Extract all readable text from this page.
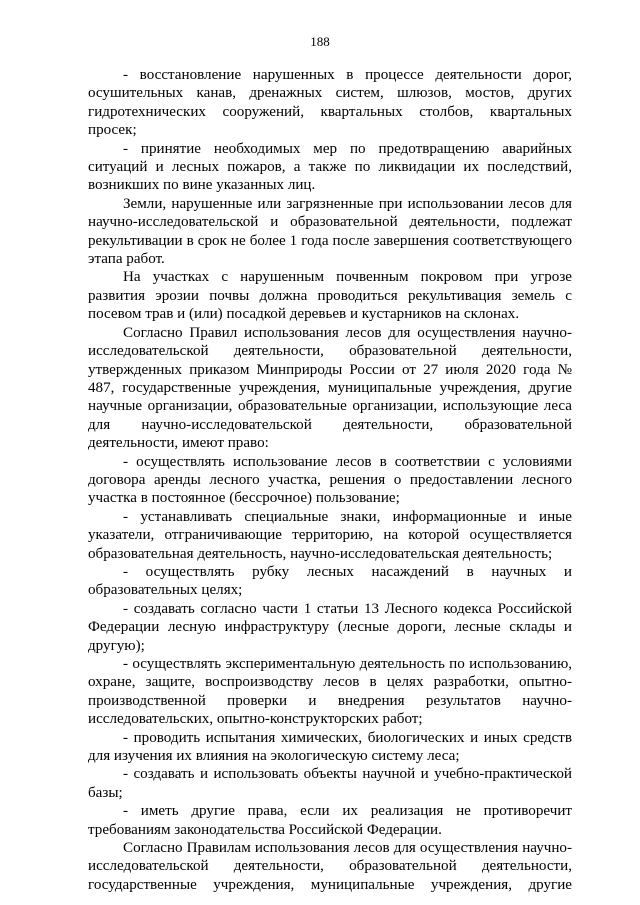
188

- восстановление нарушенных в процессе деятельности дорог, осушительных канав, дренажных систем, шлюзов, мостов, других гидротехнических сооружений, квартальных столбов, квартальных просек;

- принятие необходимых мер по предотвращению аварийных ситуаций и лесных пожаров, а также по ликвидации их последствий, возникших по вине указанных лиц.

Земли, нарушенные или загрязненные при использовании лесов для научно-исследовательской и образовательной деятельности, подлежат рекультивации в срок не более 1 года после завершения соответствующего этапа работ.

На участках с нарушенным почвенным покровом при угрозе развития эрозии почвы должна проводиться рекультивация земель с посевом трав и (или) посадкой деревьев и кустарников на склонах.

Согласно Правил использования лесов для осуществления научно-исследовательской деятельности, образовательной деятельности, утвержденных приказом Минприроды России от 27 июля 2020 года № 487, государственные учреждения, муниципальные учреждения, другие научные организации, образовательные организации, использующие леса для научно-исследовательской деятельности, образовательной деятельности, имеют право:

- осуществлять использование лесов в соответствии с условиями договора аренды лесного участка, решения о предоставлении лесного участка в постоянное (бессрочное) пользование;

- устанавливать специальные знаки, информационные и иные указатели, отграничивающие территорию, на которой осуществляется образовательная деятельность, научно-исследовательская деятельность;

- осуществлять рубку лесных насаждений в научных и образовательных целях;

- создавать согласно части 1 статьи 13 Лесного кодекса Российской Федерации лесную инфраструктуру (лесные дороги, лесные склады и другую);

- осуществлять экспериментальную деятельность по использованию, охране, защите, воспроизводству лесов в целях разработки, опытно-производственной проверки и внедрения результатов научно-исследовательских, опытно-конструкторских работ;

- проводить испытания химических, биологических и иных средств для изучения их влияния на экологическую систему леса;

- создавать и использовать объекты научной и учебно-практической базы;

- иметь другие права, если их реализация не противоречит требованиям законодательства Российской Федерации.

Согласно Правилам использования лесов для осуществления научно-исследовательской деятельности, образовательной деятельности, государственные учреждения, муниципальные учреждения, другие
